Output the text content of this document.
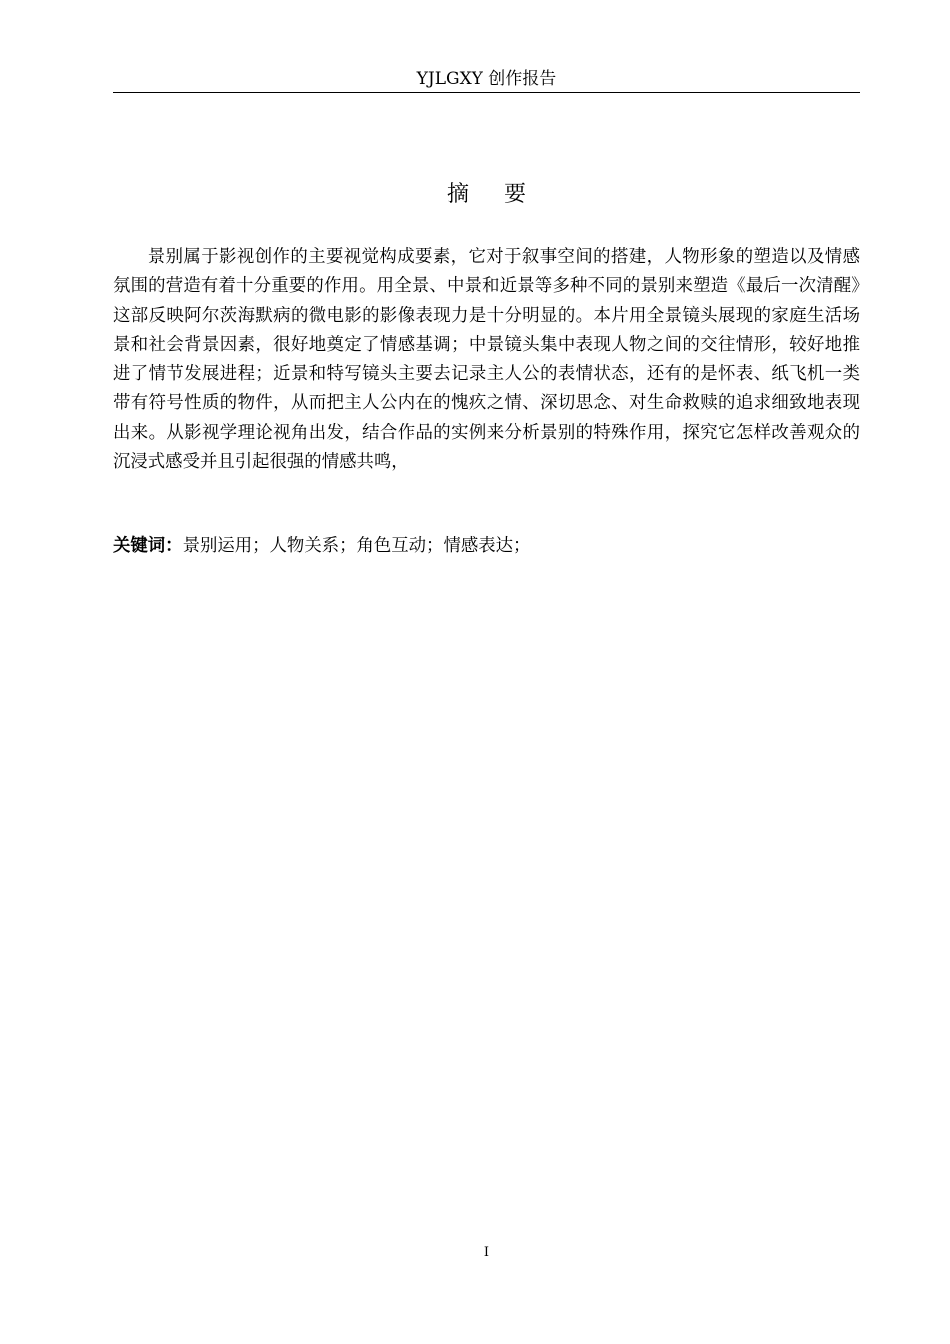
YJLGXY 创作报告
摘 要

景别属于影视创作的主要视觉构成要素，它对于叙事空间的搭建，人物形象的塑造以及情感氛围的营造有着十分重要的作用。用全景、中景和近景等多种不同的景别来塑造《最后一次清醒》这部反映阿尔茨海默病的微电影的影像表现力是十分明显的。本片用全景镜头展现的家庭生活场景和社会背景因素，很好地奠定了情感基调；中景镜头集中表现人物之间的交往情形，较好地推进了情节发展进程；近景和特写镜头主要去记录主人公的表情状态，还有的是怀表、纸飞机一类带有符号性质的物件，从而把主人公内在的愧疚之情、深切思念、对生命救赎的追求细致地表现出来。从影视学理论视角出发，结合作品的实例来分析景别的特殊作用，探究它怎样改善观众的沉浸式感受并且引起很强的情感共鸣，

关键词：景别运用；人物关系；角色互动；情感表达；

I
